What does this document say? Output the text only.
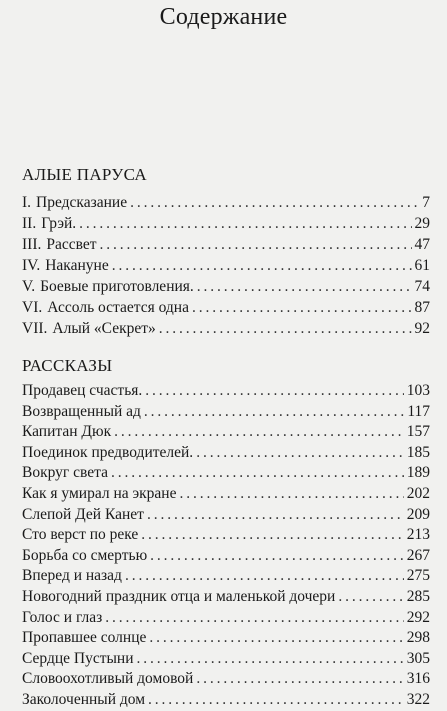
Содержание
АЛЫЕ ПАРУСА
I. Предсказание . . .	7
II. Грэй. . . .	29
III. Рассвет . . .	47
IV. Накануне . . .	61
V. Боевые приготовления. . . .	74
VI. Ассоль остается одна . . .	87
VII. Алый «Секрет» . . .	92
РАССКАЗЫ
Продавец счастья. . . .	103
Возвращенный ад . . .	117
Капитан Дюк . . .	157
Поединок предводителей. . . .	185
Вокруг света . . .	189
Как я умирал на экране . . .	202
Слепой Дей Канет . . .	209
Сто верст по реке . . .	213
Борьба со смертью . . .	267
Вперед и назад . . .	275
Новогодний праздник отца и маленькой дочери . . .	285
Голос и глаз . . .	292
Пропавшее солнце . . .	298
Сердце Пустыни . . .	305
Словоохотливый домовой . . .	316
Заколоченный дом . . .	322
